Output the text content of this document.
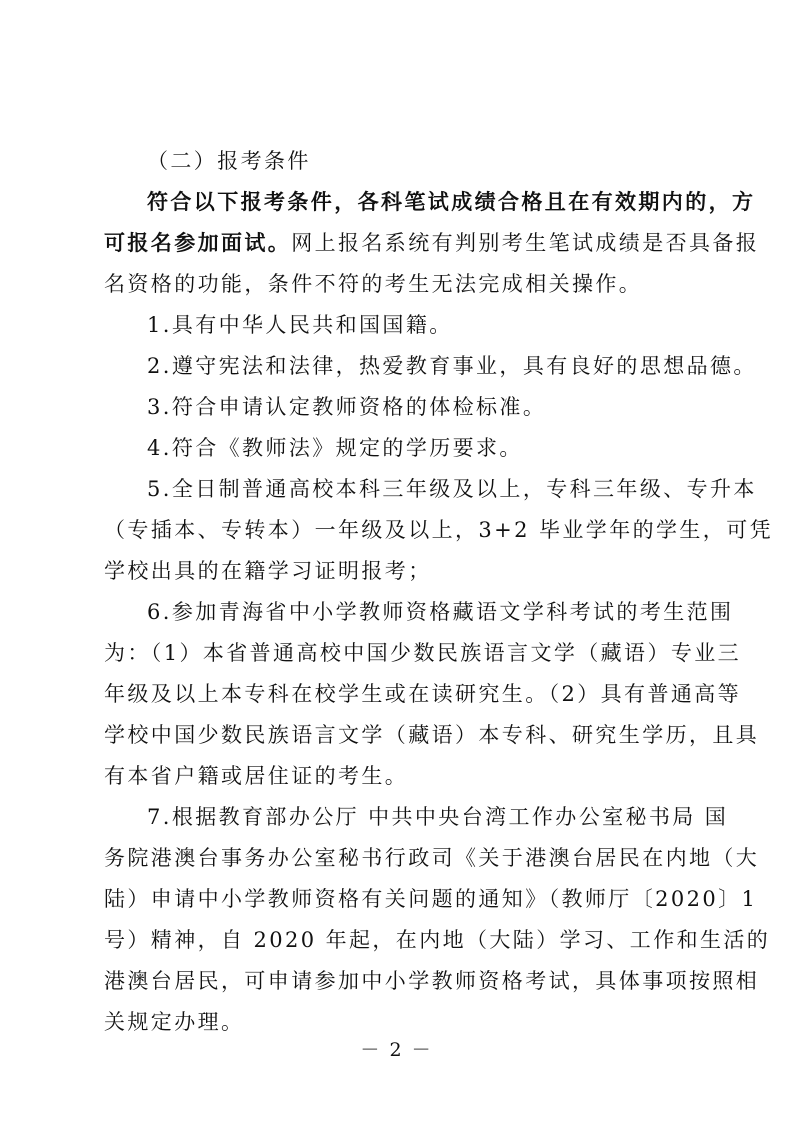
（二）报考条件
符合以下报考条件，各科笔试成绩合格且在有效期内的，方
可报名参加面试。网上报名系统有判别考生笔试成绩是否具备报
名资格的功能，条件不符的考生无法完成相关操作。
1.具有中华人民共和国国籍。
2.遵守宪法和法律，热爱教育事业，具有良好的思想品德。
3.符合申请认定教师资格的体检标准。
4.符合《教师法》规定的学历要求。
5.全日制普通高校本科三年级及以上，专科三年级、专升本
（专插本、专转本）一年级及以上，3+2 毕业学年的学生，可凭
学校出具的在籍学习证明报考；
6.参加青海省中小学教师资格藏语文学科考试的考生范围
为：（1）本省普通高校中国少数民族语言文学（藏语）专业三
年级及以上本专科在校学生或在读研究生。（2）具有普通高等
学校中国少数民族语言文学（藏语）本专科、研究生学历，且具
有本省户籍或居住证的考生。
7.根据教育部办公厅 中共中央台湾工作办公室秘书局 国
务院港澳台事务办公室秘书行政司《关于港澳台居民在内地（大
陆）申请中小学教师资格有关问题的通知》（教师厅〔2020〕1
号）精神，自 2020 年起，在内地（大陆）学习、工作和生活的
港澳台居民，可申请参加中小学教师资格考试，具体事项按照相
关规定办理。
－ 2 －
